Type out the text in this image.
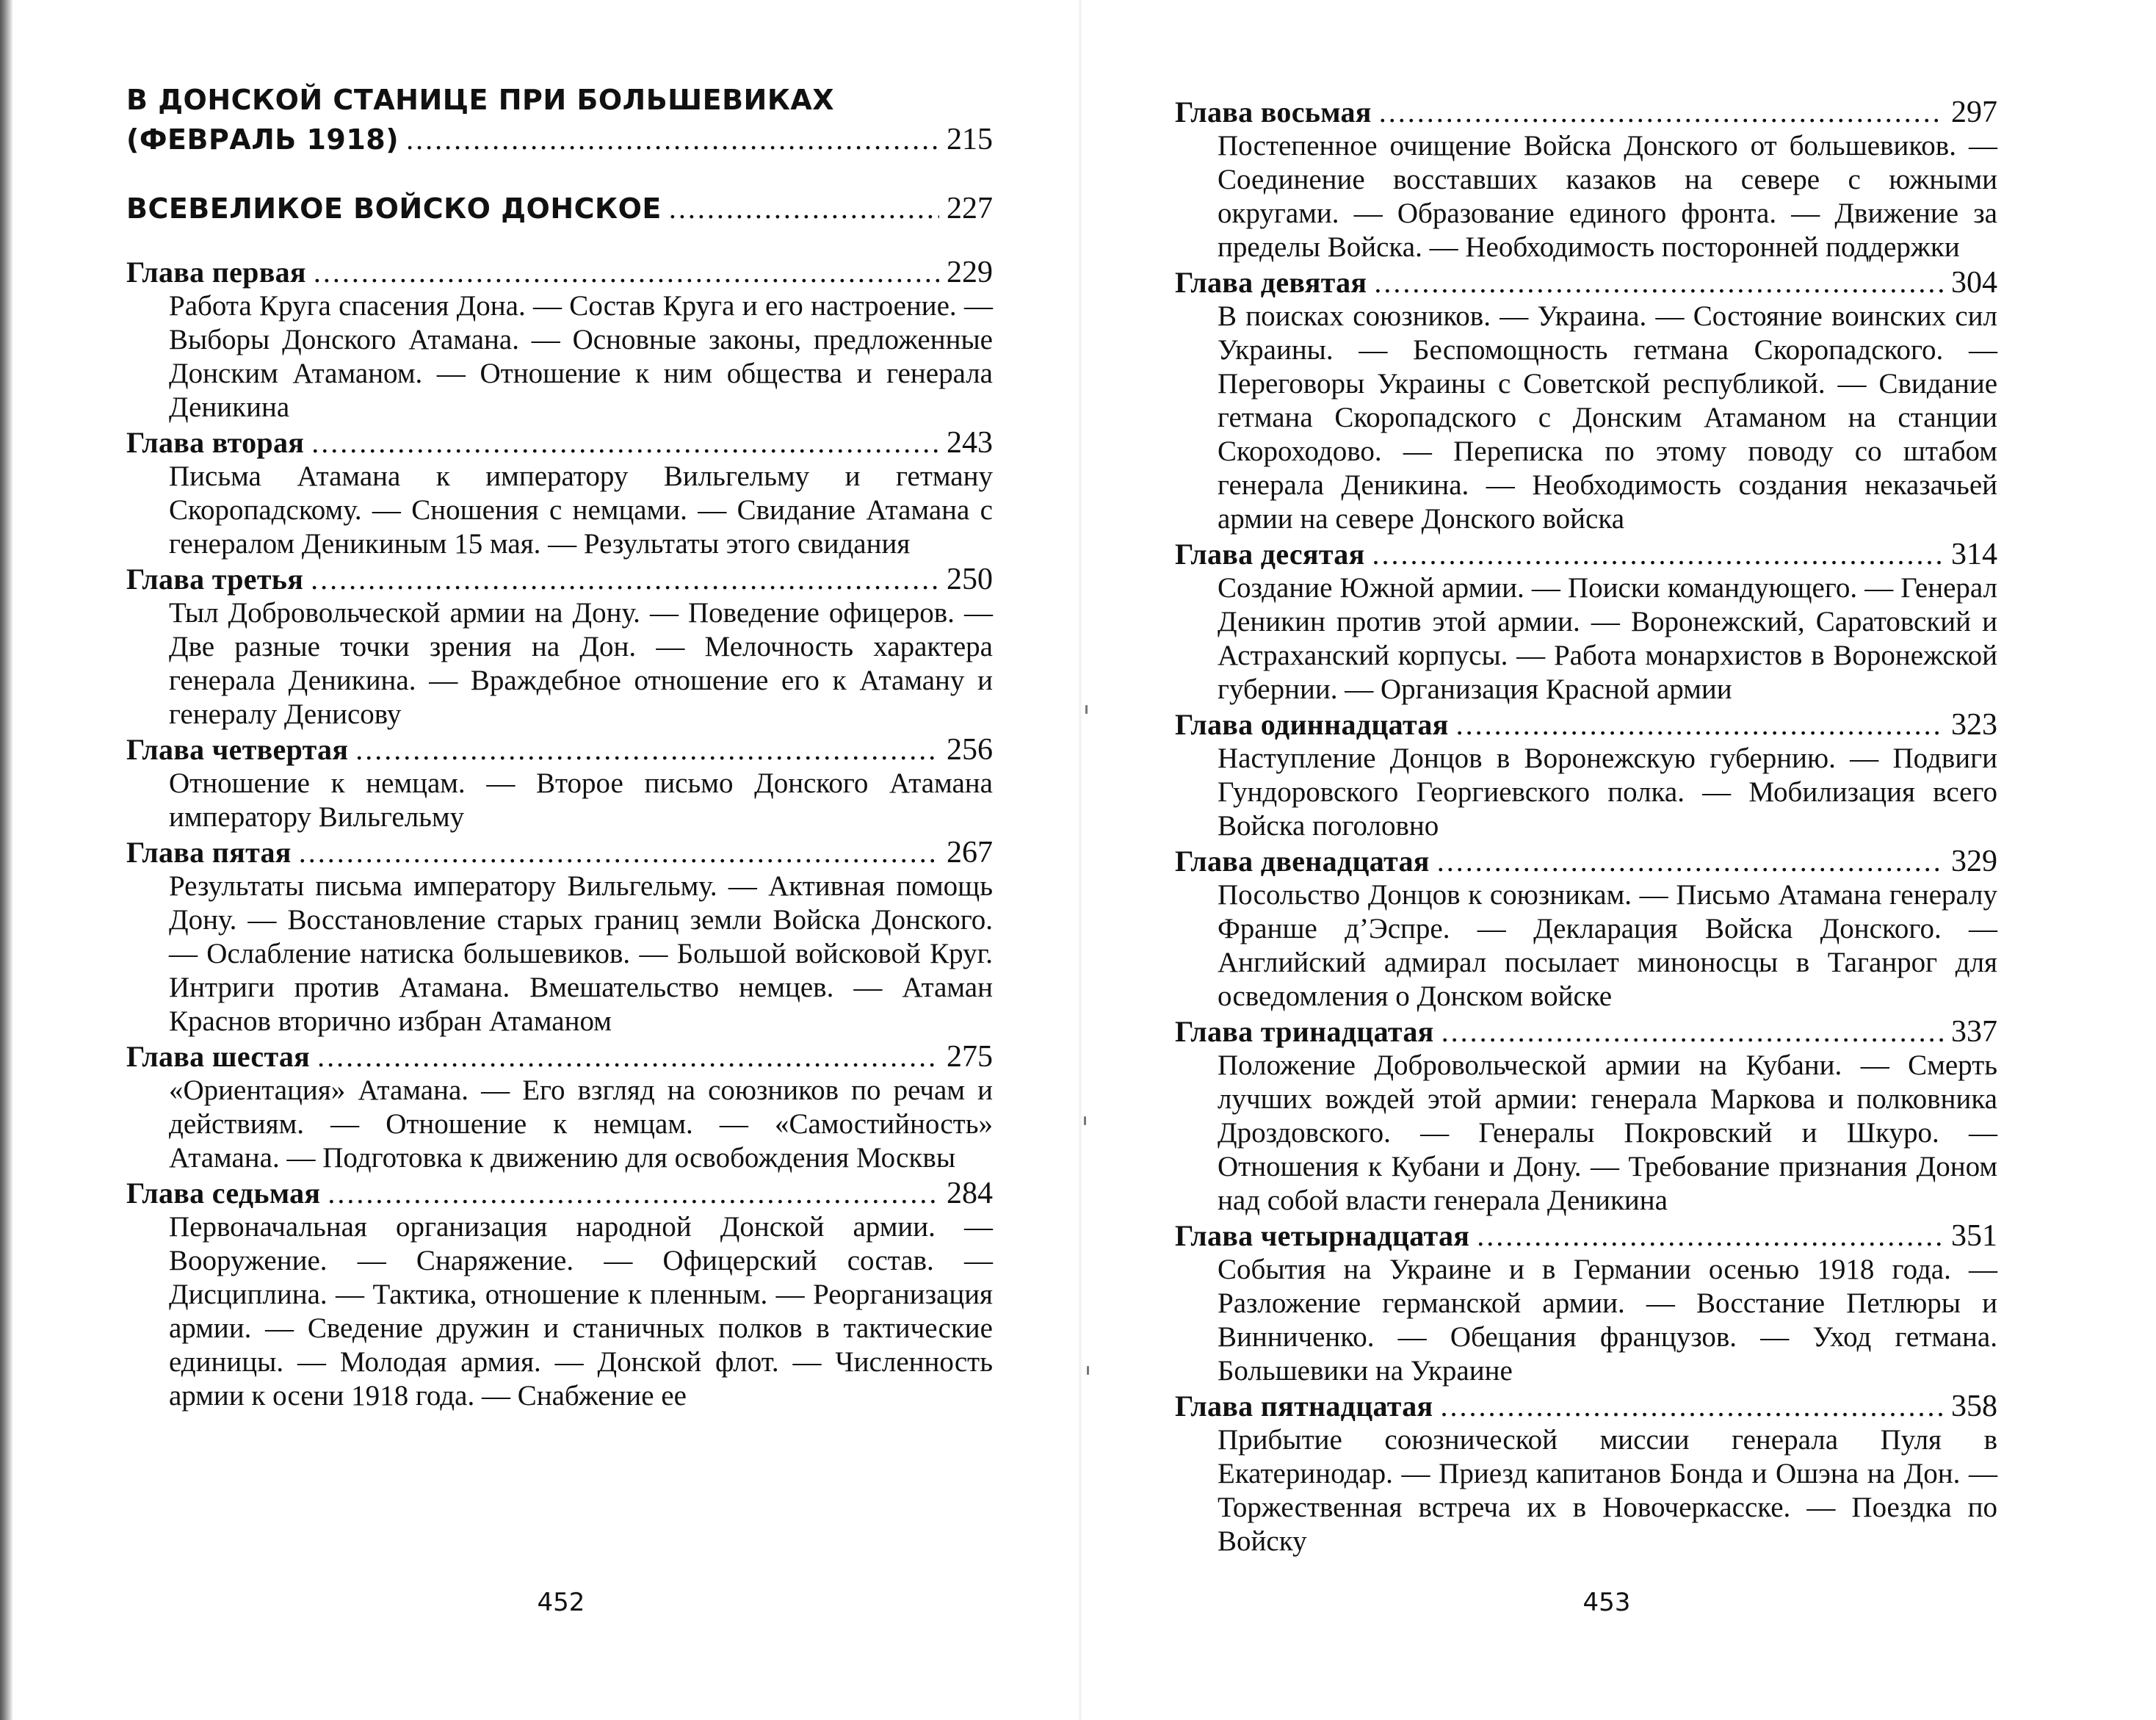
В ДОНСКОЙ СТАНИЦЕ ПРИ БОЛЬШЕВИКАХ
(ФЕВРАЛЬ 1918) .....	215
ВСЕВЕЛИКОЕ ВОЙСКО ДОНСКОЕ .....	227
Глава первая .....	229
Работа Круга спасения Дона. — Состав Круга и его настроение. — Выборы Донского Атамана. — Основные законы, предложенные Донским Атаманом. — Отношение к ним общества и генерала Деникина
Глава вторая .....	243
Письма Атамана к императору Вильгельму и гетману Скоропадскому. — Сношения с немцами. — Свидание Атамана с генералом Деникиным 15 мая. — Результаты этого свидания
Глава третья .....	250
Тыл Добровольческой армии на Дону. — Поведение офицеров. — Две разные точки зрения на Дон. — Мелочность характера генерала Деникина. — Враждебное отношение его к Атаману и генералу Денисову
Глава четвертая .....	256
Отношение к немцам. — Второе письмо Донского Атамана императору Вильгельму
Глава пятая .....	267
Результаты письма императору Вильгельму. — Активная помощь Дону. — Восстановление старых границ земли Войска Донского. — Ослабление натиска большевиков. — Большой войсковой Круг. Интриги против Атамана. Вмешательство немцев. — Атаман Краснов вторично избран Атаманом
Глава шестая .....	275
«Ориентация» Атамана. — Его взгляд на союзников по речам и действиям. — Отношение к немцам. — «Самостийность» Атамана. — Подготовка к движению для освобождения Москвы
Глава седьмая .....	284
Первоначальная организация народной Донской армии. — Вооружение. — Снаряжение. — Офицерский состав. — Дисциплина. — Тактика, отношение к пленным. — Реорганизация армии. — Сведение дружин и станичных полков в тактические единицы. — Молодая армия. — Донской флот. — Численность армии к осени 1918 года. — Снабжение ее
452
Глава восьмая .....	297
Постепенное очищение Войска Донского от большевиков. — Соединение восставших казаков на севере с южными округами. — Образование единого фронта. — Движение за пределы Войска. — Необходимость посторонней поддержки
Глава девятая .....	304
В поисках союзников. — Украина. — Состояние воинских сил Украины. — Беспомощность гетмана Скоропадского. — Переговоры Украины с Советской республикой. — Свидание гетмана Скоропадского с Донским Атаманом на станции Скороходово. — Переписка по этому поводу со штабом генерала Деникина. — Необходимость создания неказачьей армии на севере Донского войска
Глава десятая .....	314
Создание Южной армии. — Поиски командующего. — Генерал Деникин против этой армии. — Воронежский, Саратовский и Астраханский корпусы. — Работа монархистов в Воронежской губернии. — Организация Красной армии
Глава одиннадцатая .....	323
Наступление Донцов в Воронежскую губернию. — Подвиги Гундоровского Георгиевского полка. — Мобилизация всего Войска поголовно
Глава двенадцатая .....	329
Посольство Донцов к союзникам. — Письмо Атамана генералу Франше д’Эспре. — Декларация Войска Донского. — Английский адмирал посылает миноносцы в Таганрог для осведомления о Донском войске
Глава тринадцатая .....	337
Положение Добровольческой армии на Кубани. — Смерть лучших вождей этой армии: генерала Маркова и полковника Дроздовского. — Генералы Покровский и Шкуро. — Отношения к Кубани и Дону. — Требование признания Доном над собой власти генерала Деникина
Глава четырнадцатая .....	351
События на Украине и в Германии осенью 1918 года. — Разложение германской армии. — Восстание Петлюры и Винниченко. — Обещания французов. — Уход гетмана. Большевики на Украине
Глава пятнадцатая .....	358
Прибытие союзнической миссии генерала Пуля в Екатеринодар. — Приезд капитанов Бонда и Ошэна на Дон. — Торжественная встреча их в Новочеркасске. — Поездка по Войску
453
